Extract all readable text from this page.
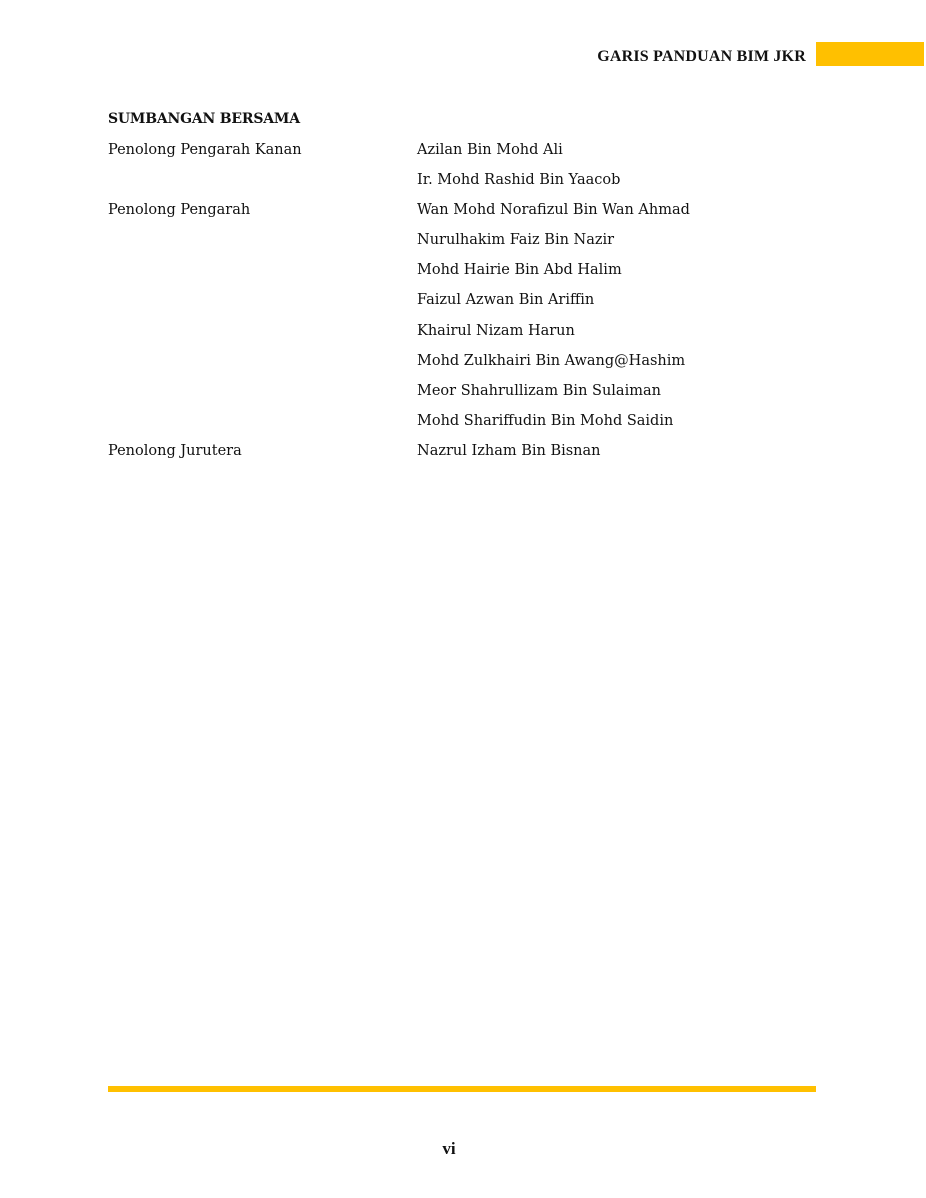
GARIS PANDUAN BIM JKR
SUMBANGAN BERSAMA
Penolong Pengarah Kanan	Azilan Bin Mohd Ali
Ir. Mohd Rashid Bin Yaacob
Penolong Pengarah	Wan Mohd Norafizul Bin Wan Ahmad
Nurulhakim Faiz Bin Nazir
Mohd Hairie Bin Abd Halim
Faizul Azwan Bin Ariffin
Khairul Nizam Harun
Mohd Zulkhairi Bin Awang@Hashim
Meor Shahrullizam Bin Sulaiman
Mohd Shariffudin Bin Mohd Saidin
Penolong Jurutera	Nazrul Izham Bin Bisnan
vi
